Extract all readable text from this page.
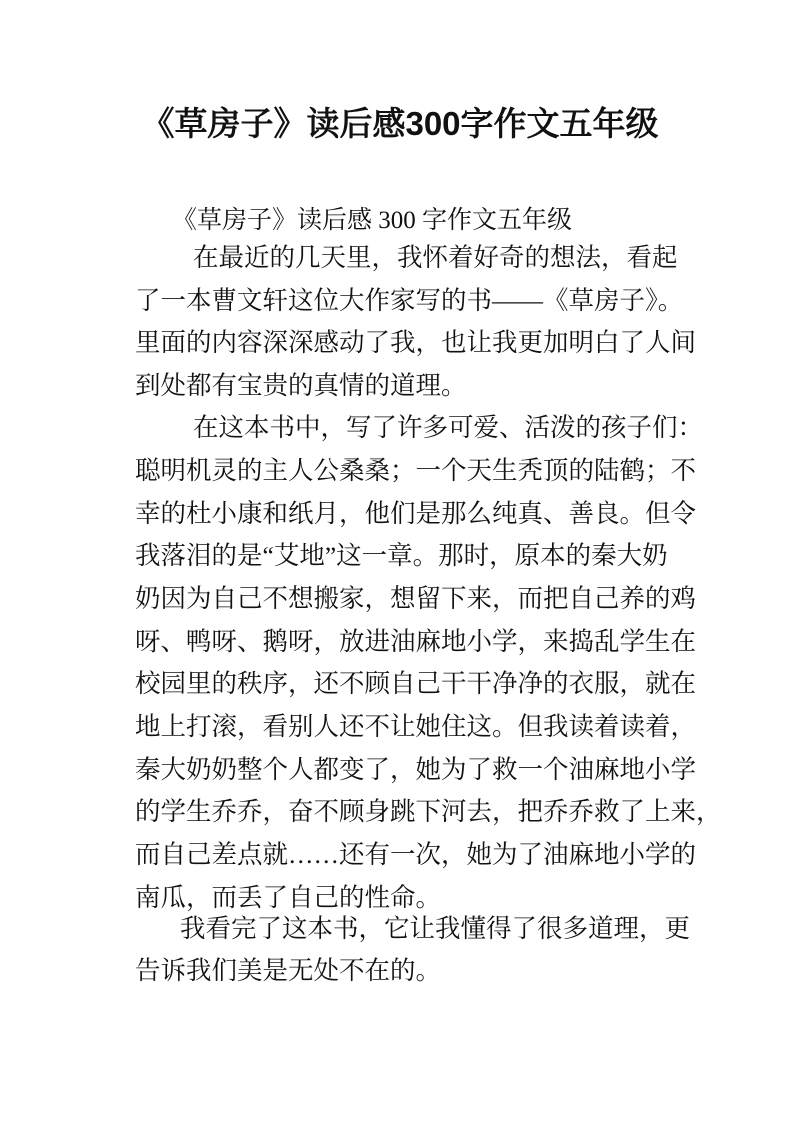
《草房子》读后感300字作文五年级
《草房子》读后感 300 字作文五年级
在最近的几天里，我怀着好奇的想法，看起
了一本曹文轩这位大作家写的书——《草房子》。
里面的内容深深感动了我，也让我更加明白了人间
到处都有宝贵的真情的道理。
在这本书中，写了许多可爱、活泼的孩子们：
聪明机灵的主人公桑桑；一个天生秃顶的陆鹤；不
幸的杜小康和纸月，他们是那么纯真、善良。但令
我落泪的是“艾地”这一章。那时，原本的秦大奶
奶因为自己不想搬家，想留下来，而把自己养的鸡
呀、鸭呀、鹅呀，放进油麻地小学，来捣乱学生在
校园里的秩序，还不顾自己干干净净的衣服，就在
地上打滚，看别人还不让她住这。但我读着读着，
秦大奶奶整个人都变了，她为了救一个油麻地小学
的学生乔乔，奋不顾身跳下河去，把乔乔救了上来，
而自己差点就……还有一次，她为了油麻地小学的
南瓜，而丢了自己的性命。
我看完了这本书，它让我懂得了很多道理，更
告诉我们美是无处不在的。
